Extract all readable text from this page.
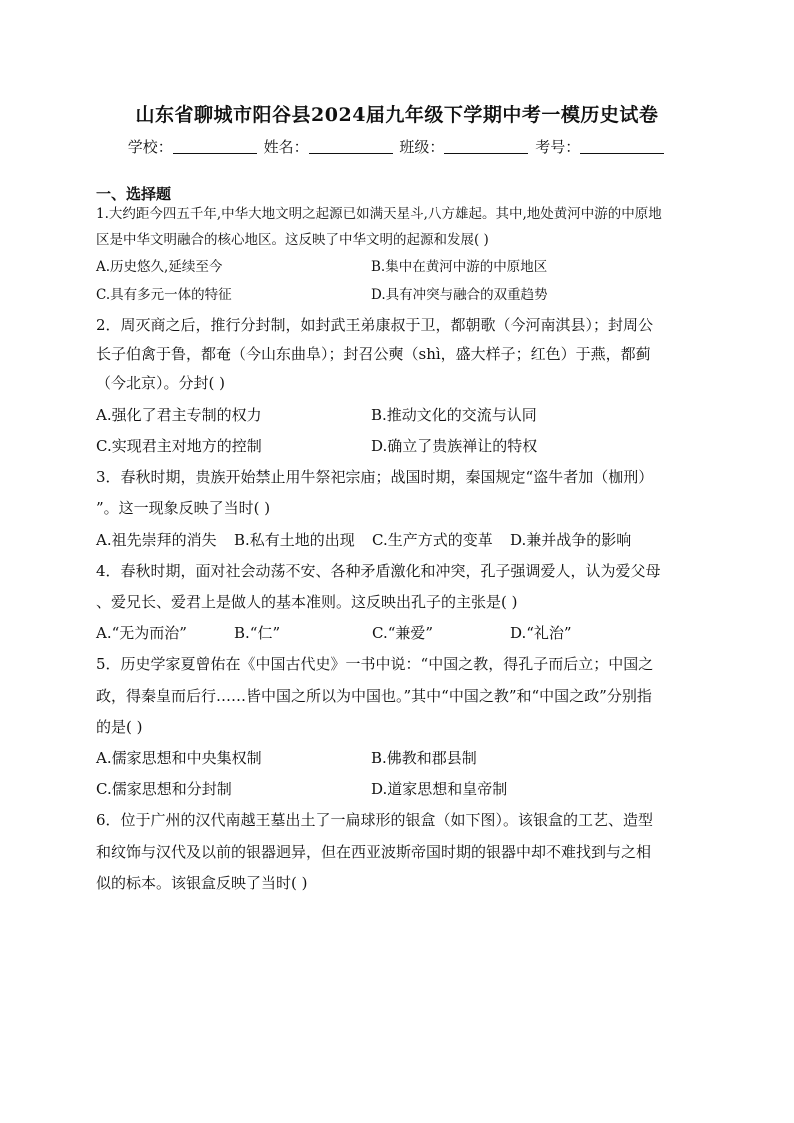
山东省聊城市阳谷县2024届九年级下学期中考一模历史试卷
学校：	姓名：	班级：	考号：
一、选择题
1.大约距今四五千年,中华大地文明之起源已如满天星斗,八方雄起。其中,地处黄河中游的中原地
区是中华文明融合的核心地区。这反映了中华文明的起源和发展( )
A.历史悠久,延续至今	B.集中在黄河中游的中原地区
C.具有多元一体的特征	D.具有冲突与融合的双重趋势
2．周灭商之后，推行分封制，如封武王弟康叔于卫，都朝歌（今河南淇县）；封周公
长子伯禽于鲁，都奄（今山东曲阜）；封召公奭（shì，盛大样子；红色）于燕，都蓟
（今北京）。分封( )
A.强化了君主专制的权力	B.推动文化的交流与认同
C.实现君主对地方的控制	D.确立了贵族禅让的特权
3．春秋时期，贵族开始禁止用牛祭祀宗庙；战国时期，秦国规定“盗牛者加（枷刑）
”。这一现象反映了当时( )
A.祖先崇拜的消失 B.私有土地的出现 C.生产方式的变革 D.兼并战争的影响
4．春秋时期，面对社会动荡不安、各种矛盾激化和冲突，孔子强调爱人，认为爱父母
、爱兄长、爱君上是做人的基本准则。这反映出孔子的主张是( )
A.“无为而治”	B.“仁”	C.“兼爱”	D.“礼治”
5．历史学家夏曾佑在《中国古代史》一书中说：“中国之教，得孔子而后立；中国之
政，得秦皇而后行……皆中国之所以为中国也。”其中“中国之教”和“中国之政”分别指
的是( )
A.儒家思想和中央集权制	B.佛教和郡县制
C.儒家思想和分封制	D.道家思想和皇帝制
6．位于广州的汉代南越王墓出土了一扁球形的银盒（如下图）。该银盒的工艺、造型
和纹饰与汉代及以前的银器迥异，但在西亚波斯帝国时期的银器中却不难找到与之相
似的标本。该银盒反映了当时( )
